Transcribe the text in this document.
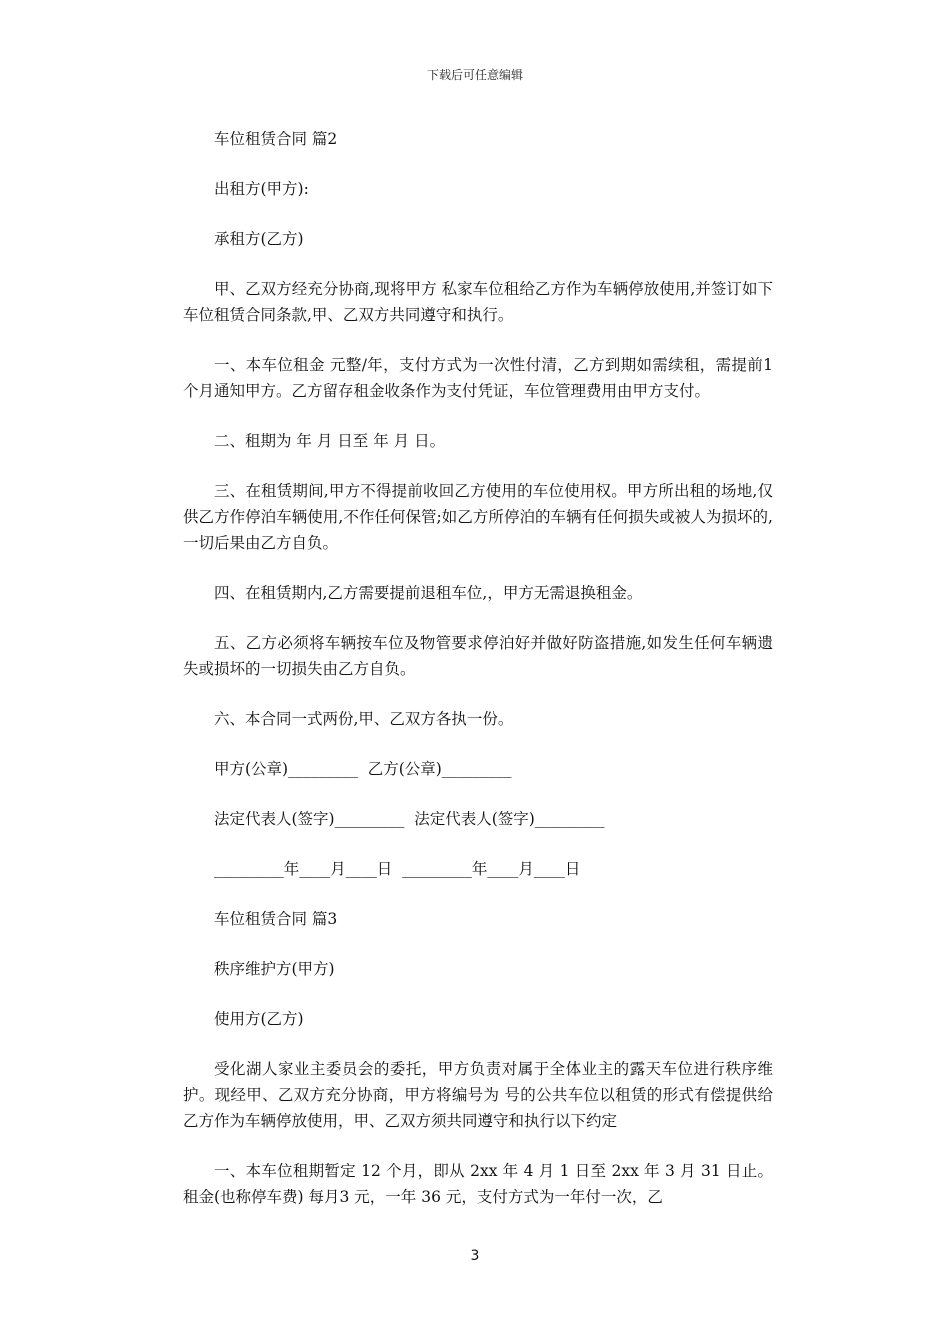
下载后可任意编辑

车位租赁合同 篇2

出租方(甲方):

承租方(乙方)

甲、乙双方经充分协商,现将甲方 私家车位租给乙方作为车辆停放使用,并签订如下车位租赁合同条款,甲、乙双方共同遵守和执行。

一、本车位租金 元整/年，支付方式为一次性付清，乙方到期如需续租，需提前1个月通知甲方。乙方留存租金收条作为支付凭证，车位管理费用由甲方支付。

二、租期为 年 月 日至 年 月 日。

三、在租赁期间,甲方不得提前收回乙方使用的车位使用权。甲方所出租的场地,仅供乙方作停泊车辆使用,不作任何保管;如乙方所停泊的车辆有任何损失或被人为损坏的,一切后果由乙方自负。

四、在租赁期内,乙方需要提前退租车位,，甲方无需退换租金。

五、乙方必须将车辆按车位及物管要求停泊好并做好防盗措施,如发生任何车辆遗失或损坏的一切损失由乙方自负。

六、本合同一式两份,甲、乙双方各执一份。

甲方(公章)_________  乙方(公章)_________

法定代表人(签字)_________  法定代表人(签字)_________

_________年____月____日  _________年____月____日

车位租赁合同 篇3

秩序维护方(甲方)

使用方(乙方)

受化湖人家业主委员会的委托，甲方负责对属于全体业主的露天车位进行秩序维护。现经甲、乙双方充分协商，甲方将编号为 号的公共车位以租赁的形式有偿提供给乙方作为车辆停放使用，甲、乙双方须共同遵守和执行以下约定

一、本车位租期暂定 12 个月，即从 2xx 年 4 月 1 日至 2xx 年 3 月 31 日止。租金(也称停车费) 每月3 元，一年 36 元，支付方式为一年付一次，乙

3
